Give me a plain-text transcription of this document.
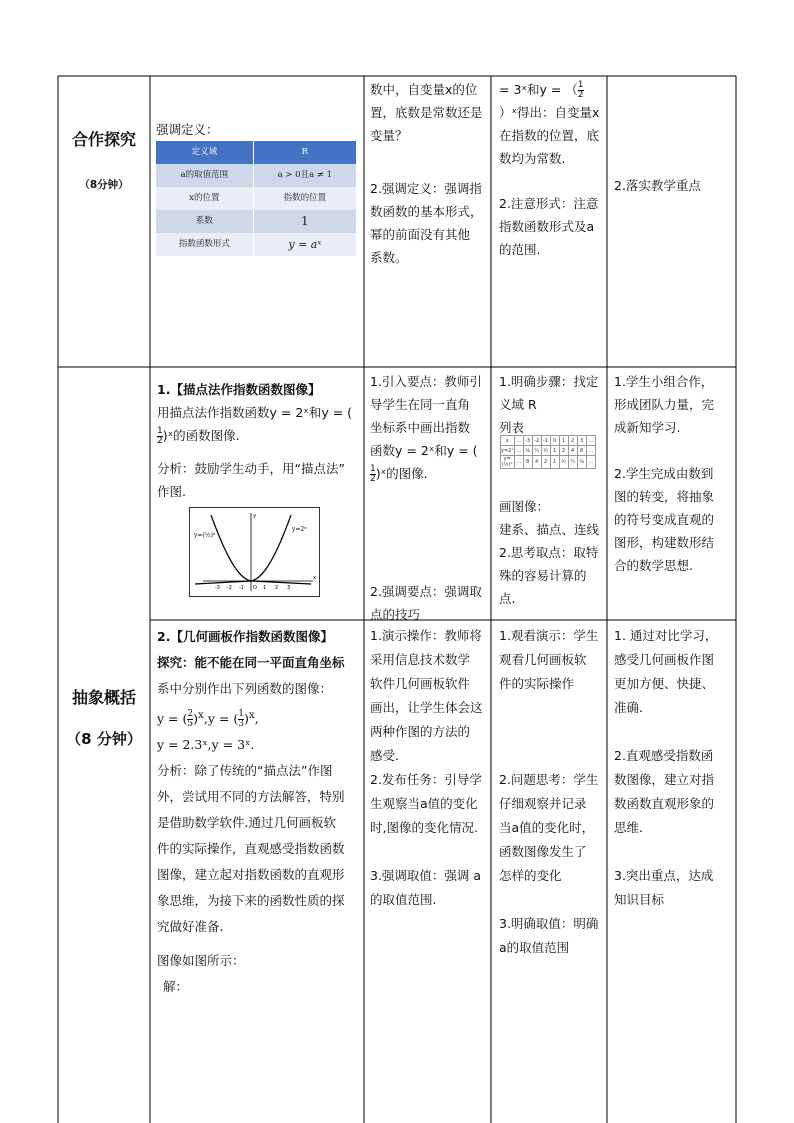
合作探究
（8分钟）

强调定义：

定义域	R
a的取值范围	a > 0且a ≠ 1
x的位置	指数的位置
系数	1
指数函数形式	y = aˣ

数中，自变量x的位

置，底数是常数还是

变量？

2.强调定义：强调指

数函数的基本形式，

幂的前面没有其他

系数。

= 3ˣ和y = （ $\frac{1}{2}$

）ˣ得出：自变量x

在指数的位置，底

数均为常数.

2.注意形式：注意

指数函数形式及a

的范围.

2.落实教学重点
抽象概括
（8 分钟）

1.【描点法作指数函数图像】

用描点法作指数函数y = 2ˣ和y = (

$\frac{1}{2}$ )ˣ的函数图像.

分析：鼓励学生动手，用“描点法”

作图.

y=(½)ˣ
y=2ˣ
-3 -2 -1 O 1 2 3
x
y

1.引入要点：教师引

导学生在同一直角

坐标系中画出指数

函数y = 2ˣ和y = (

$\frac{1}{2}$ )ˣ的图像.

2.强调要点：强调取

点的技巧

1.明确步骤：找定

义域 R

列表

x	…	-3	-2	-1	0	1	2	3	…
y=2ˣ	…	⅛	¼	½	1	2	4	8	…
y=(½)ˣ	…	8	4	2	1	½	¼	⅛	…

画图像：

建系、描点、连线

2.思考取点：取特

殊的容易计算的

点.

1.学生小组合作，

形成团队力量，完

成新知学习.

2.学生完成由数到

图的转变，将抽象

的符号变成直观的

图形，构建数形结

合的数学思想.

2.【几何画板作指数函数图像】

探究：能不能在同一平面直角坐标

系中分别作出下列函数的图像：

y = ( $\frac{2}{5} )^x,y$ = ( $\frac{1}{3} )^x$,

y = 2.3ˣ,y = 3ˣ.

分析：除了传统的“描点法”作图

外，尝试用不同的方法解答，特别

是借助数学软件.通过几何画板软

件的实际操作，直观感受指数函数

图像，建立起对指数函数的直观形

象思维，为接下来的函数性质的探

究做好准备.

图像如图所示：

解：

1.演示操作：教师将

采用信息技术数学

软件几何画板软件

画出，让学生体会这

两种作图的方法的

感受.

2.发布任务：引导学

生观察当a值的变化

时,图像的变化情况.

3.强调取值：强调 a

的取值范围.

1.观看演示：学生

观看几何画板软

件的实际操作

2.问题思考：学生

仔细观察并记录

当a值的变化时，

函数图像发生了

怎样的变化

3.明确取值：明确

a的取值范围

1. 通过对比学习，

感受几何画板作图

更加方便、快捷、

准确.

2.直观感受指数函

数图像，建立对指

数函数直观形象的

思维.

3.突出重点，达成

知识目标
